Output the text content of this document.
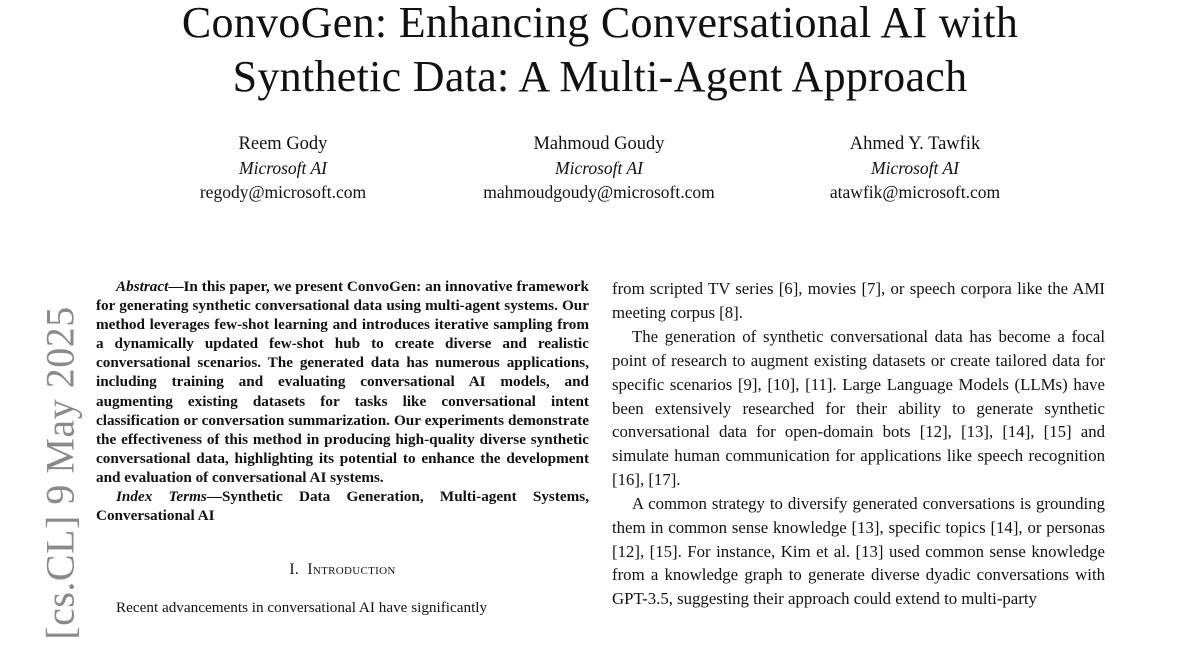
ConvoGen: Enhancing Conversational AI with
Synthetic Data: A Multi-Agent Approach
Reem Gody
Microsoft AI
regody@microsoft.com
Mahmoud Goudy
Microsoft AI
mahmoudgoudy@microsoft.com
Ahmed Y. Tawfik
Microsoft AI
atawfik@microsoft.com
[cs.CL] 9 May 2025

Abstract—In this paper, we present ConvoGen: an innovative framework for generating synthetic conversational data using multi-agent systems. Our method leverages few-shot learning and introduces iterative sampling from a dynamically updated few-shot hub to create diverse and realistic conversational scenarios. The generated data has numerous applications, including training and evaluating conversational AI models, and augmenting existing datasets for tasks like conversational intent classification or conversation summarization. Our experiments demonstrate the effectiveness of this method in producing high-quality diverse synthetic conversational data, highlighting its potential to enhance the development and evaluation of conversational AI systems.

Index Terms—Synthetic Data Generation, Multi-agent Systems, Conversational AI

I. Introduction

Recent advancements in conversational AI have significantly

from scripted TV series [6], movies [7], or speech corpora like the AMI meeting corpus [8].

The generation of synthetic conversational data has become a focal point of research to augment existing datasets or create tailored data for specific scenarios [9], [10], [11]. Large Language Models (LLMs) have been extensively researched for their ability to generate synthetic conversational data for open-domain bots [12], [13], [14], [15] and simulate human communication for applications like speech recognition [16], [17].

A common strategy to diversify generated conversations is grounding them in common sense knowledge [13], specific topics [14], or personas [12], [15]. For instance, Kim et al. [13] used common sense knowledge from a knowledge graph to generate diverse dyadic conversations with GPT-3.5, suggesting their approach could extend to multi-party
